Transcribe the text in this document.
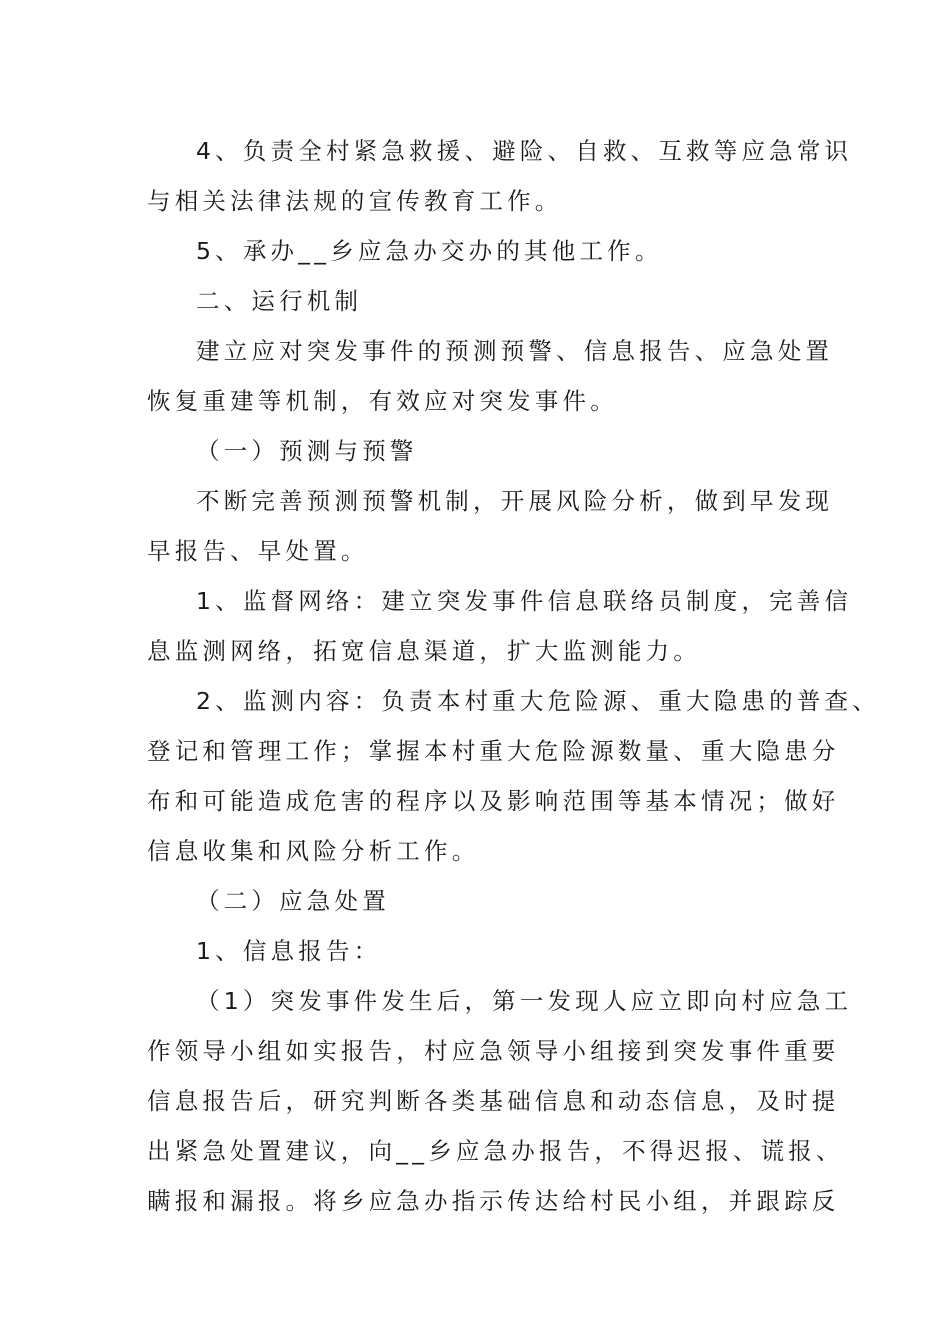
4、负责全村紧急救援、避险、自救、互救等应急常识
与相关法律法规的宣传教育工作。
5、承办__乡应急办交办的其他工作。
二、运行机制
建立应对突发事件的预测预警、信息报告、应急处置
恢复重建等机制，有效应对突发事件。
（一）预测与预警
不断完善预测预警机制，开展风险分析，做到早发现
早报告、早处置。
1、监督网络：建立突发事件信息联络员制度，完善信
息监测网络，拓宽信息渠道，扩大监测能力。
2、监测内容：负责本村重大危险源、重大隐患的普查、
登记和管理工作；掌握本村重大危险源数量、重大隐患分
布和可能造成危害的程序以及影响范围等基本情况；做好
信息收集和风险分析工作。
（二）应急处置
1、信息报告：
（1）突发事件发生后，第一发现人应立即向村应急工
作领导小组如实报告，村应急领导小组接到突发事件重要
信息报告后，研究判断各类基础信息和动态信息，及时提
出紧急处置建议，向__乡应急办报告，不得迟报、谎报、
瞒报和漏报。将乡应急办指示传达给村民小组，并跟踪反
